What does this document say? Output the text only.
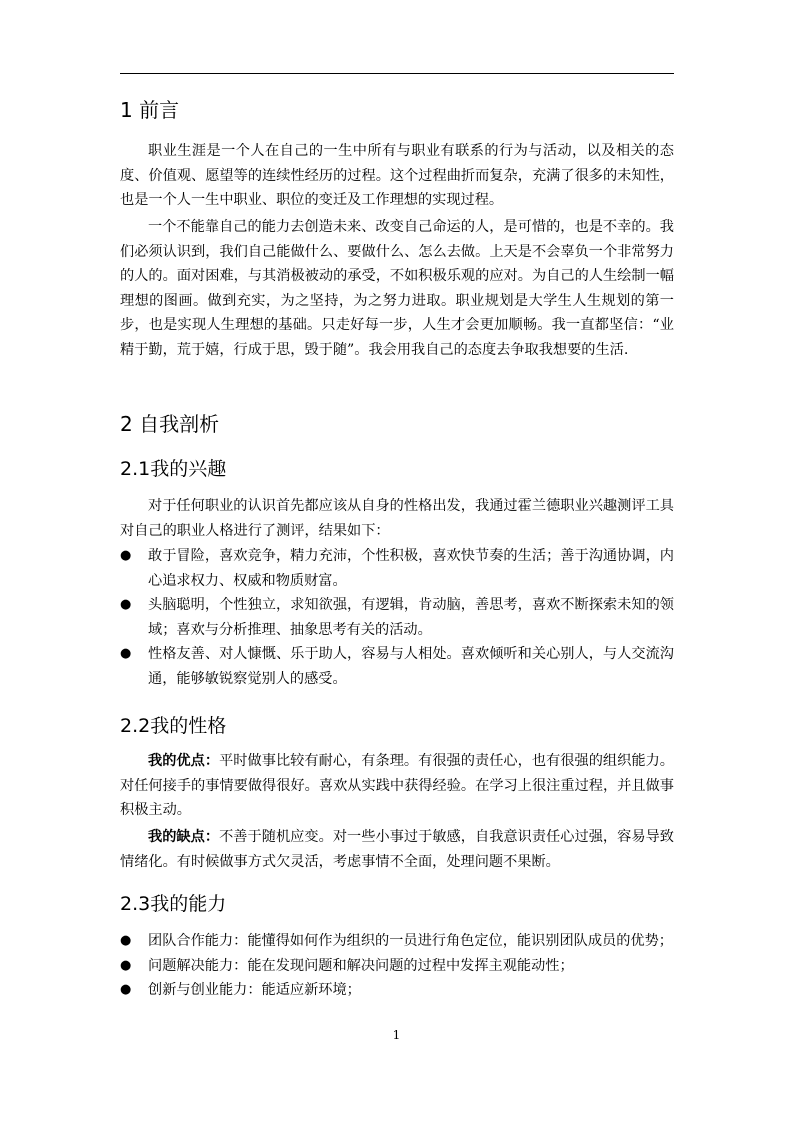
1 前言

职业生涯是一个人在自己的一生中所有与职业有联系的行为与活动，以及相关的态度、价值观、愿望等的连续性经历的过程。这个过程曲折而复杂，充满了很多的未知性，也是一个人一生中职业、职位的变迁及工作理想的实现过程。

一个不能靠自己的能力去创造未来、改变自己命运的人，是可惜的，也是不幸的。我们必须认识到，我们自己能做什么、要做什么、怎么去做。上天是不会辜负一个非常努力的人的。面对困难，与其消极被动的承受，不如积极乐观的应对。为自己的人生绘制一幅理想的图画。做到充实，为之坚持，为之努力进取。职业规划是大学生人生规划的第一步，也是实现人生理想的基础。只走好每一步，人生才会更加顺畅。我一直都坚信：“业精于勤，荒于嬉，行成于思，毁于随”。我会用我自己的态度去争取我想要的生活.

2 自我剖析
2.1我的兴趣

对于任何职业的认识首先都应该从自身的性格出发，我通过霍兰德职业兴趣测评工具对自己的职业人格进行了测评，结果如下：

● 敢于冒险，喜欢竞争，精力充沛，个性积极，喜欢快节奏的生活；善于沟通协调，内心追求权力、权威和物质财富。
● 头脑聪明，个性独立，求知欲强，有逻辑，肯动脑，善思考，喜欢不断探索未知的领域；喜欢与分析推理、抽象思考有关的活动。
● 性格友善、对人慷慨、乐于助人，容易与人相处。喜欢倾听和关心别人，与人交流沟通，能够敏锐察觉别人的感受。
2.2我的性格

我的优点：平时做事比较有耐心，有条理。有很强的责任心，也有很强的组织能力。对任何接手的事情要做得很好。喜欢从实践中获得经验。在学习上很注重过程，并且做事积极主动。

我的缺点：不善于随机应变。对一些小事过于敏感，自我意识责任心过强，容易导致情绪化。有时候做事方式欠灵活，考虑事情不全面，处理问题不果断。

2.3我的能力
● 团队合作能力：能懂得如何作为组织的一员进行角色定位，能识别团队成员的优势；
● 问题解决能力：能在发现问题和解决问题的过程中发挥主观能动性；
● 创新与创业能力：能适应新环境；
1
